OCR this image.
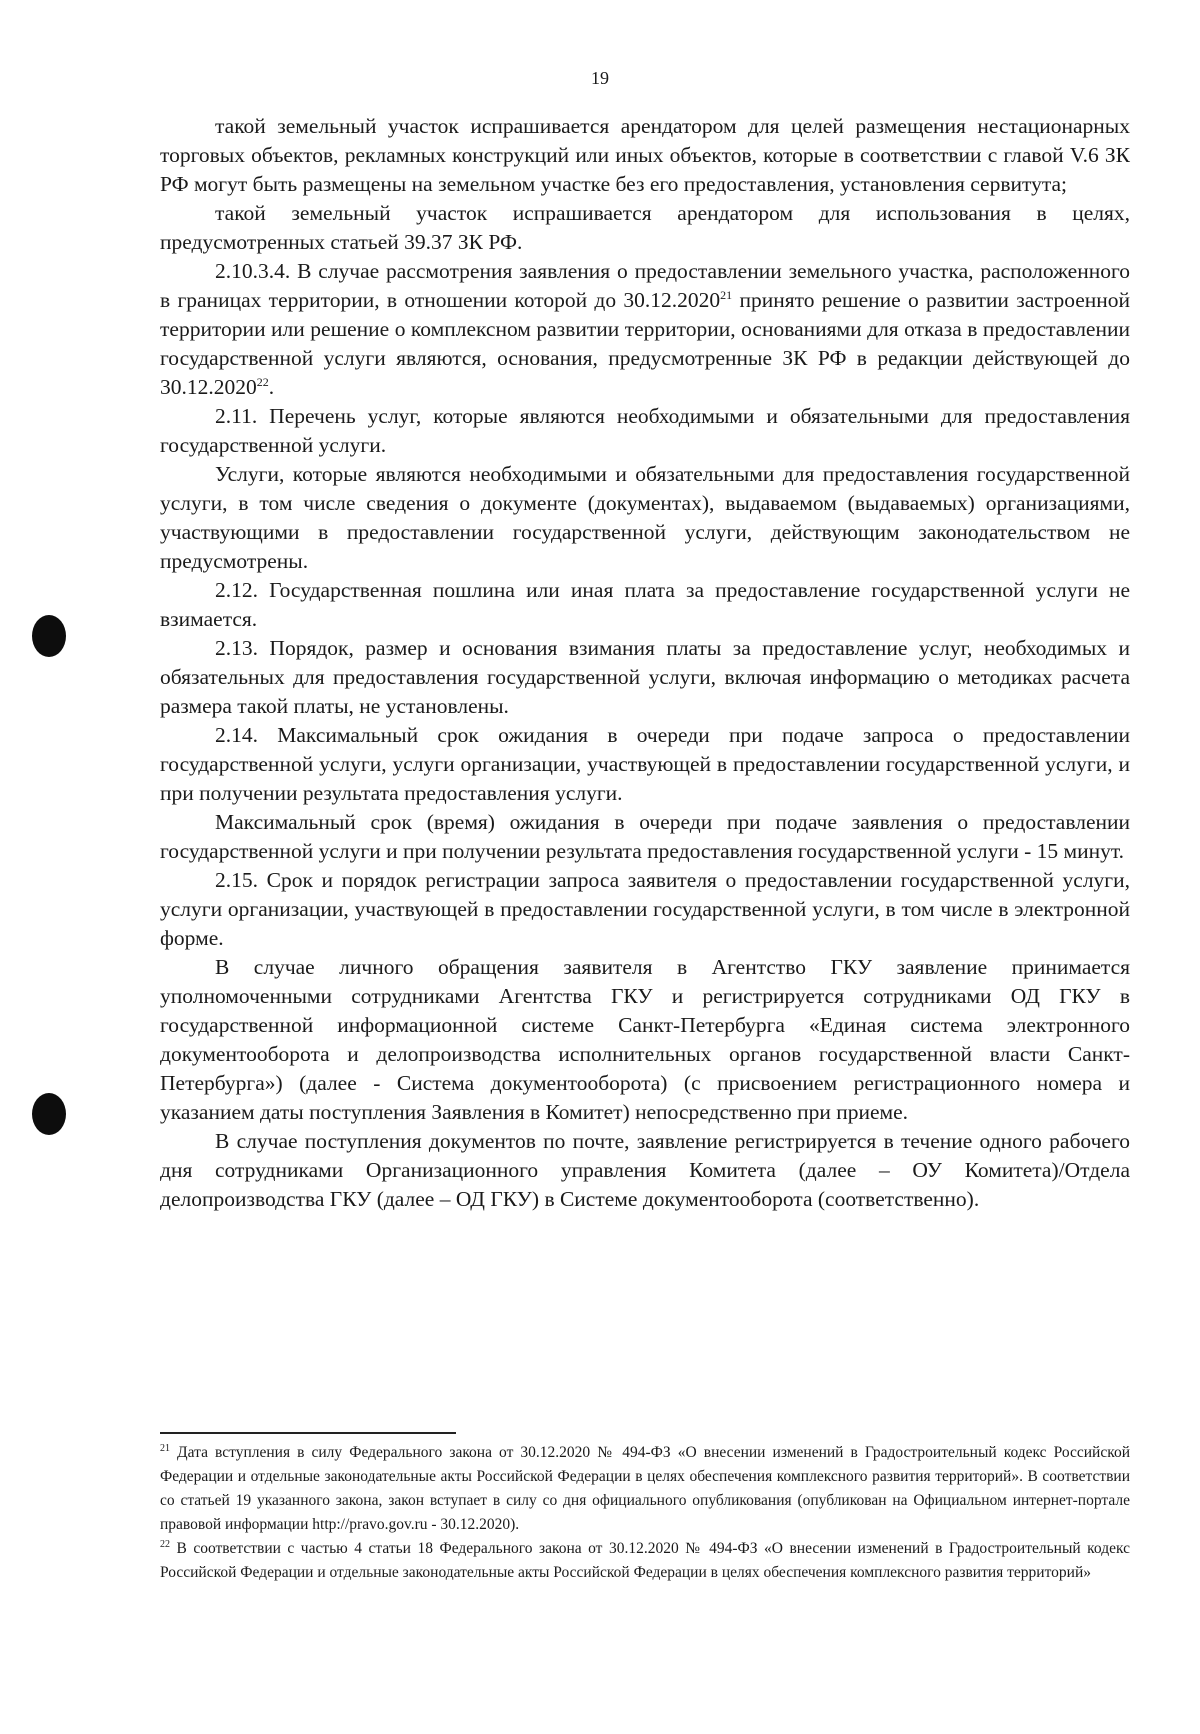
19

такой земельный участок испрашивается арендатором для целей размещения нестационарных торговых объектов, рекламных конструкций или иных объектов, которые в соответствии с главой V.6 ЗК РФ могут быть размещены на земельном участке без его предоставления, установления сервитута;

такой земельный участок испрашивается арендатором для использования в целях, предусмотренных статьей 39.37 ЗК РФ.

2.10.3.4. В случае рассмотрения заявления о предоставлении земельного участка, расположенного в границах территории, в отношении которой до 30.12.2020$^{21}$ принято решение о развитии застроенной территории или решение о комплексном развитии территории, основаниями для отказа в предоставлении государственной услуги являются, основания, предусмотренные ЗК РФ в редакции действующей до 30.12.2020$^{22}$.

2.11. Перечень услуг, которые являются необходимыми и обязательными для предоставления государственной услуги.

Услуги, которые являются необходимыми и обязательными для предоставления государственной услуги, в том числе сведения о документе (документах), выдаваемом (выдаваемых) организациями, участвующими в предоставлении государственной услуги, действующим законодательством не предусмотрены.

2.12. Государственная пошлина или иная плата за предоставление государственной услуги не взимается.

2.13. Порядок, размер и основания взимания платы за предоставление услуг, необходимых и обязательных для предоставления государственной услуги, включая информацию о методиках расчета размера такой платы, не установлены.

2.14. Максимальный срок ожидания в очереди при подаче запроса о предоставлении государственной услуги, услуги организации, участвующей в предоставлении государственной услуги, и при получении результата предоставления услуги.

Максимальный срок (время) ожидания в очереди при подаче заявления о предоставлении государственной услуги и при получении результата предоставления государственной услуги - 15 минут.

2.15. Срок и порядок регистрации запроса заявителя о предоставлении государственной услуги, услуги организации, участвующей в предоставлении государственной услуги, в том числе в электронной форме.

В случае личного обращения заявителя в Агентство ГКУ заявление принимается уполномоченными сотрудниками Агентства ГКУ и регистрируется сотрудниками ОД ГКУ в государственной информационной системе Санкт-Петербурга «Единая система электронного документооборота и делопроизводства исполнительных органов государственной власти Санкт-Петербурга») (далее - Система документооборота) (с присвоением регистрационного номера и указанием даты поступления Заявления в Комитет) непосредственно при приеме.

В случае поступления документов по почте, заявление регистрируется в течение одного рабочего дня сотрудниками Организационного управления Комитета (далее – ОУ Комитета)/Отдела делопроизводства ГКУ (далее – ОД ГКУ) в Системе документооборота (соответственно).

$^{21}$ Дата вступления в силу Федерального закона от 30.12.2020 № 494-ФЗ «О внесении изменений в Градостроительный кодекс Российской Федерации и отдельные законодательные акты Российской Федерации в целях обеспечения комплексного развития территорий». В соответствии со статьей 19 указанного закона, закон вступает в силу со дня официального опубликования (опубликован на Официальном интернет-портале правовой информации http://pravo.gov.ru - 30.12.2020).

$^{22}$ В соответствии с частью 4 статьи 18 Федерального закона от 30.12.2020 № 494-ФЗ «О внесении изменений в Градостроительный кодекс Российской Федерации и отдельные законодательные акты Российской Федерации в целях обеспечения комплексного развития территорий»
